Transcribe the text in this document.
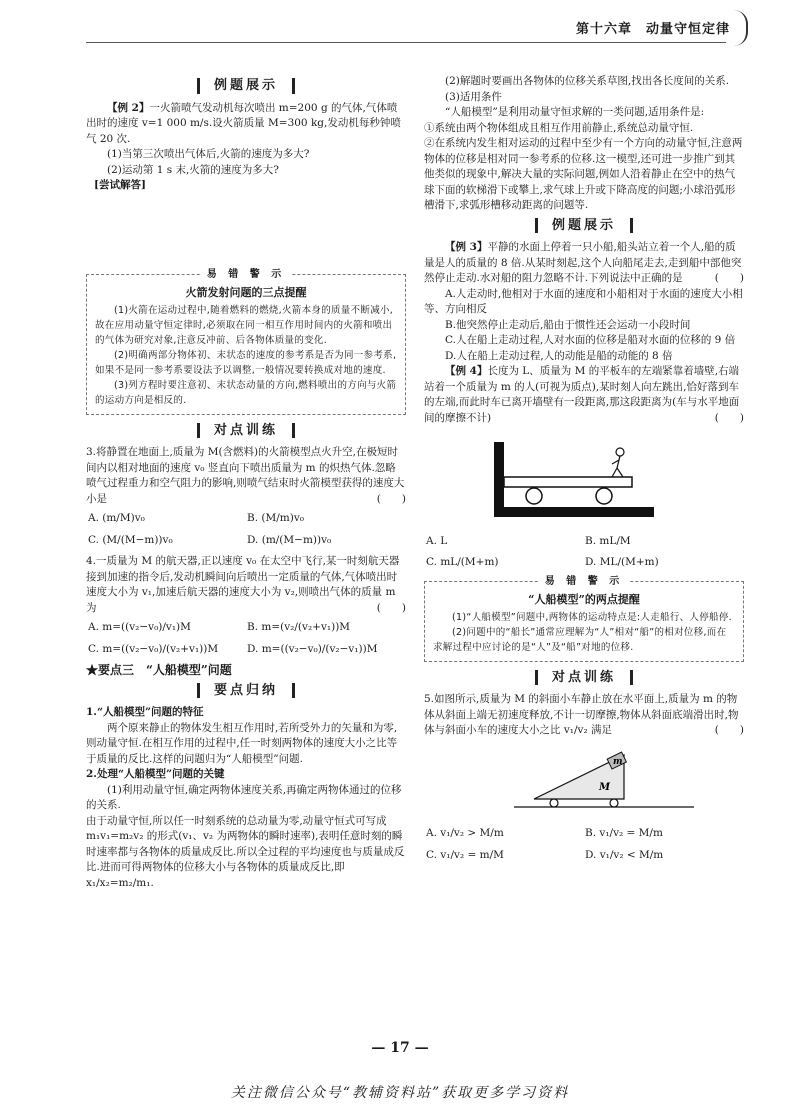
第十六章　动量守恒定律
例题展示

【例 2】一火箭喷气发动机每次喷出 m=200 g 的气体,气体喷出时的速度 v=1 000 m/s.设火箭质量 M=300 kg,发动机每秒钟喷气 20 次.

(1)当第三次喷出气体后,火箭的速度为多大?

(2)运动第 1 s 末,火箭的速度为多大?

[尝试解答]

易 错 警 示
火箭发射问题的三点提醒

(1)火箭在运动过程中,随着燃料的燃烧,火箭本身的质量不断减小,故在应用动量守恒定律时,必须取在同一相互作用时间内的火箭和喷出的气体为研究对象,注意反冲前、后各物体质量的变化.

(2)明确两部分物体初、末状态的速度的参考系是否为同一参考系,如果不是同一参考系要设法予以调整,一般情况要转换成对地的速度.

(3)列方程时要注意初、末状态动量的方向,燃料喷出的方向与火箭的运动方向是相反的.

对点训练

3.将静置在地面上,质量为 M(含燃料)的火箭模型点火升空,在极短时间内以相对地面的速度 v₀ 竖直向下喷出质量为 m 的炽热气体.忽略喷气过程重力和空气阻力的影响,则喷气结束时火箭模型获得的速度大小是	(　　)

A. (m/M)v₀	B. (M/m)v₀
C. (M/(M−m))v₀	D. (m/(M−m))v₀

4.一质量为 M 的航天器,正以速度 v₀ 在太空中飞行,某一时刻航天器接到加速的指令后,发动机瞬间向后喷出一定质量的气体,气体喷出时速度大小为 v₁,加速后航天器的速度大小为 v₂,则喷出气体的质量 m 为	(　　)

A. m=((v₂−v₀)/v₁)M	B. m=(v₂/(v₂+v₁))M
C. m=((v₂−v₀)/(v₂+v₁))M	D. m=((v₂−v₀)/(v₂−v₁))M
★要点三　“人船模型”问题
要点归纳

1.“人船模型”问题的特征

两个原来静止的物体发生相互作用时,若所受外力的矢量和为零,则动量守恒.在相互作用的过程中,任一时刻两物体的速度大小之比等于质量的反比.这样的问题归为“人船模型”问题.

2.处理“人船模型”问题的关键

(1)利用动量守恒,确定两物体速度关系,再确定两物体通过的位移的关系.

由于动量守恒,所以任一时刻系统的总动量为零,动量守恒式可写成 m₁v₁=m₂v₂ 的形式(v₁、v₂ 为两物体的瞬时速率),表明任意时刻的瞬时速率都与各物体的质量成反比.所以全过程的平均速度也与质量成反比.进而可得两物体的位移大小与各物体的质量成反比,即 x₁/x₂=m₂/m₁.

(2)解题时要画出各物体的位移关系草图,找出各长度间的关系.

(3)适用条件

“人船模型”是利用动量守恒求解的一类问题,适用条件是:

①系统由两个物体组成且相互作用前静止,系统总动量守恒.

②在系统内发生相对运动的过程中至少有一个方向的动量守恒,注意两物体的位移是相对同一参考系的位移.这一模型,还可进一步推广到其他类似的现象中,解决大量的实际问题,例如人沿着静止在空中的热气球下面的软梯滑下或攀上,求气球上升或下降高度的问题;小球沿弧形槽滑下,求弧形槽移动距离的问题等.

例题展示

【例 3】平静的水面上停着一只小船,船头站立着一个人,船的质量是人的质量的 8 倍.从某时刻起,这个人向船尾走去,走到船中部他突然停止走动.水对船的阻力忽略不计.下列说法中正确的是	(　　)

A.人走动时,他相对于水面的速度和小船相对于水面的速度大小相等、方向相反

B.他突然停止走动后,船由于惯性还会运动一小段时间

C.人在船上走动过程,人对水面的位移是船对水面的位移的 9 倍

D.人在船上走动过程,人的动能是船的动能的 8 倍

【例 4】长度为 L、质量为 M 的平板车的左端紧靠着墙壁,右端站着一个质量为 m 的人(可视为质点),某时刻人向左跳出,恰好落到车的左端,而此时车已离开墙壁有一段距离,那这段距离为(车与水平地面间的摩擦不计)	(　　)

A. L	B. mL/M
C. mL/(M+m)	D. ML/(M+m)
易 错 警 示
“人船模型”的两点提醒

(1)“人船模型”问题中,两物体的运动特点是:人走船行、人停船停.

(2)问题中的“船长”通常应理解为“人”相对“船”的相对位移,而在求解过程中应讨论的是“人”及“船”对地的位移.

对点训练

5.如图所示,质量为 M 的斜面小车静止放在水平面上,质量为 m 的物体从斜面上端无初速度释放,不计一切摩擦,物体从斜面底端滑出时,物体与斜面小车的速度大小之比 v₁/v₂ 满足	(　　)

m
M
A. v₁/v₂ > M/m	B. v₁/v₂ = M/m
C. v₁/v₂ = m/M	D. v₁/v₂ < M/m
— 17 —
关注微信公众号“教辅资料站”获取更多学习资料
